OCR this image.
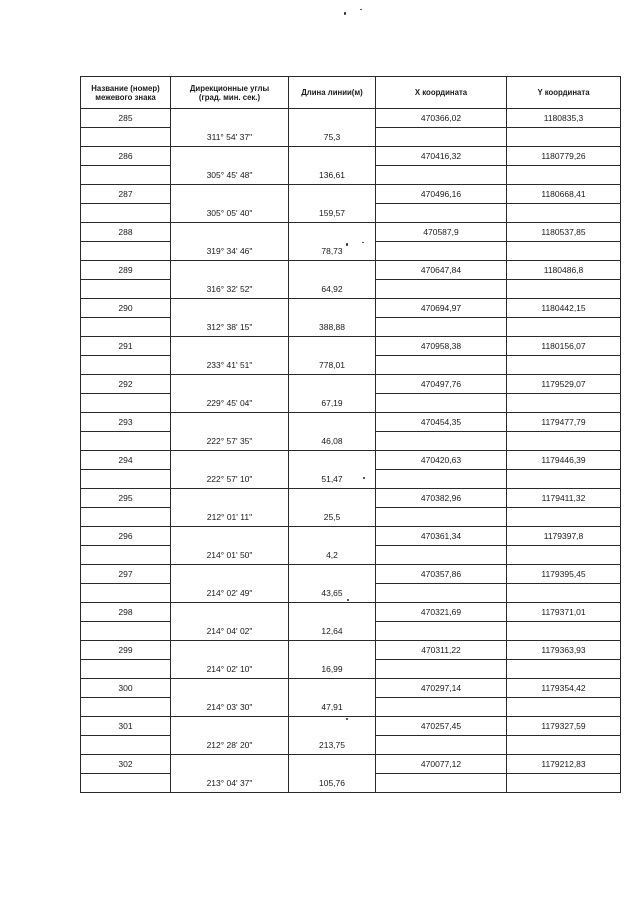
Название (номер)
межевого знака	Дирекционные углы
(град. мин. сек.)	Длина линии(м)	X координата	Y координата
285			470366,02	1180835,3
	311° 54' 37"	75,3		
286			470416,32	1180779,26
	305° 45' 48"	136,61		
287			470496,16	1180668,41
	305° 05' 40"	159,57		
288			470587,9	1180537,85
	319° 34' 46"	78,73		
289			470647,84	1180486,8
	316° 32' 52"	64,92		
290			470694,97	1180442,15
	312° 38' 15"	388,88		
291			470958,38	1180156,07
	233° 41' 51"	778,01		
292			470497,76	1179529,07
	229° 45' 04"	67,19		
293			470454,35	1179477,79
	222° 57' 35"	46,08		
294			470420,63	1179446,39
	222° 57' 10"	51,47		
295			470382,96	1179411,32
	212° 01' 11"	25,5		
296			470361,34	1179397,8
	214° 01' 50"	4,2		
297			470357,86	1179395,45
	214° 02' 49"	43,65		
298			470321,69	1179371,01
	214° 04' 02"	12,64		
299			470311,22	1179363,93
	214° 02' 10"	16,99		
300			470297,14	1179354,42
	214° 03' 30"	47,91		
301			470257,45	1179327,59
	212° 28' 20"	213,75		
302			470077,12	1179212,83
	213° 04' 37"	105,76		
